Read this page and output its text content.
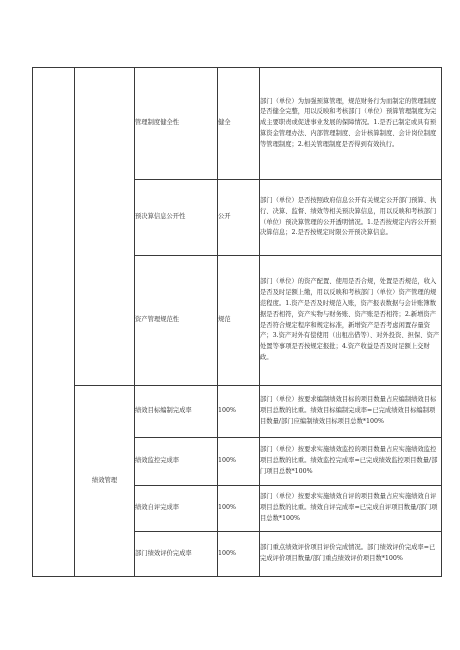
		管理制度健全性	健全	部门（单位）为加强预算管理，规范财务行为而制定的管理制度是否健全完整，用以反映和考核部门（单位）预算管理制度为完成主要职责或促进事业发展的保障情况。1.是否已制定或具有预算资金管理办法、内部管理制度、会计核算制度、会计岗位制度等管理制度；2.相关管理制度是否得到有效执行。
		预决算信息公开性	公开	部门（单位）是否按照政府信息公开有关规定公开部门预算、执行、决算、监督、绩效等相关预决算信息，用以反映和考核部门（单位）预决算管理的公开透明情况。1.是否按规定内容公开预决算信息；2.是否按规定时限公开预决算信息。
		资产管理规范性	规范	部门（单位）的资产配置、使用是否合规，处置是否规范，收入是否及时足额上缴，用以反映和考核部门（单位）资产管理的规范程度。1.资产是否及时规范入账，资产报表数据与会计账簿数据是否相符，资产实物与财务账、资产账是否相符；2.新增资产是否符合规定程序和规定标准，新增资产是否考虑闲置存量资产；3.资产对外有偿使用（出租出借等）、对外投资、担保、资产处置等事项是否按规定报批；4.资产收益是否及时足额上交财政。
	绩效管理	绩效目标编制完成率	100%	部门（单位）按要求编制绩效目标的项目数量占应编制绩效目标项目总数的比重。绩效目标编制完成率=已完成绩效目标编制项目数量/部门应编制绩效目标项目总数*100%
		绩效监控完成率	100%	部门（单位）按要求实施绩效监控的项目数量占应实施绩效监控项目总数的比重。绩效监控完成率=已完成绩效监控项目数量/部门项目总数*100%
		绩效自评完成率	100%	部门（单位）按要求实施绩效自评的项目数量占应实施绩效自评项目总数的比重。绩效自评完成率=已完成自评项目数量/部门项目总数*100%
		部门绩效评价完成率	100%	部门重点绩效评价项目评价完成情况。部门绩效评价完成率=已完成评价项目数量/部门重点绩效评价项目数*100%
